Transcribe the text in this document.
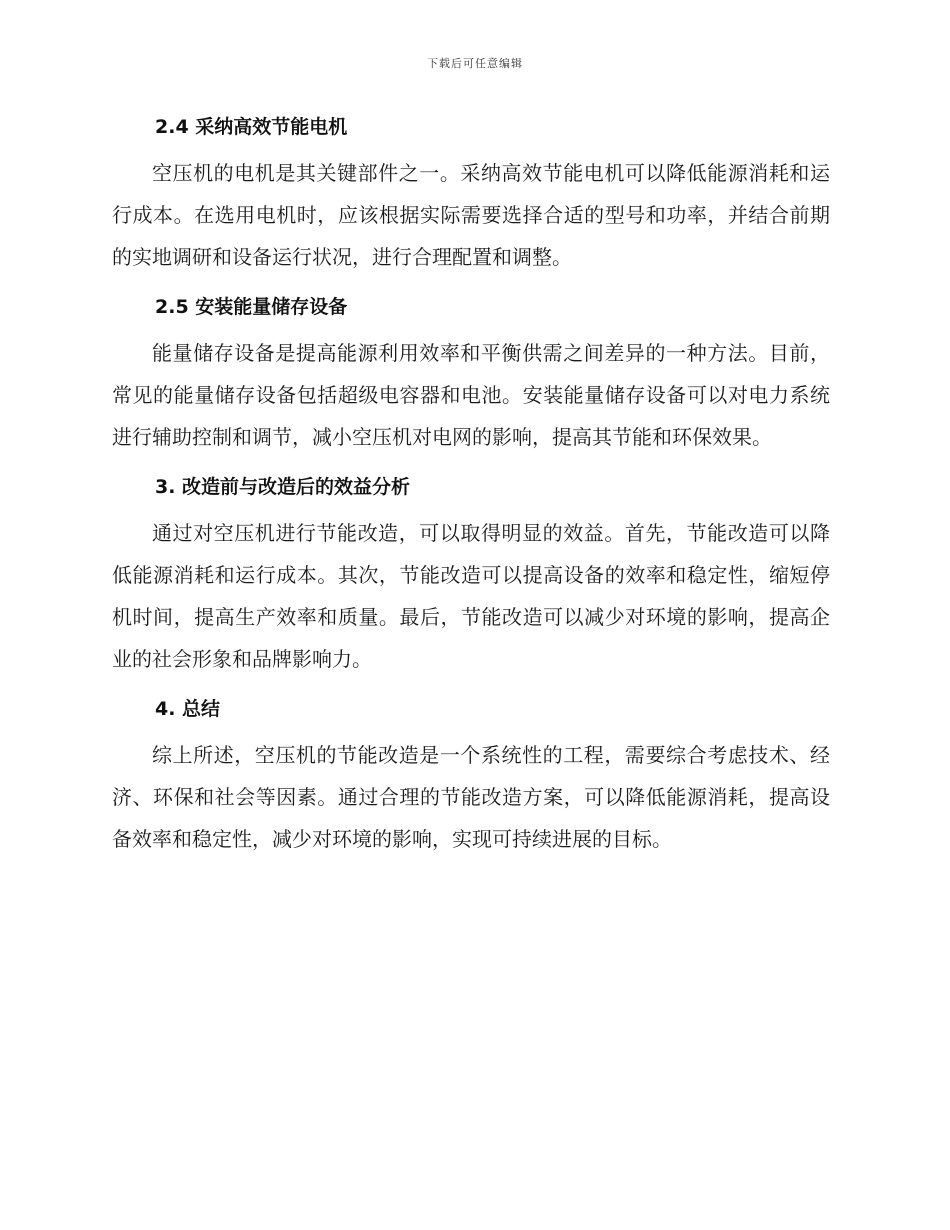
下载后可任意编辑
2.4 采纳高效节能电机

空压机的电机是其关键部件之一。采纳高效节能电机可以降低能源消耗和运行成本。在选用电机时，应该根据实际需要选择合适的型号和功率，并结合前期的实地调研和设备运行状况，进行合理配置和调整。

2.5 安装能量储存设备

能量储存设备是提高能源利用效率和平衡供需之间差异的一种方法。目前，常见的能量储存设备包括超级电容器和电池。安装能量储存设备可以对电力系统进行辅助控制和调节，减小空压机对电网的影响，提高其节能和环保效果。

3. 改造前与改造后的效益分析

通过对空压机进行节能改造，可以取得明显的效益。首先，节能改造可以降低能源消耗和运行成本。其次，节能改造可以提高设备的效率和稳定性，缩短停机时间，提高生产效率和质量。最后，节能改造可以减少对环境的影响，提高企业的社会形象和品牌影响力。

4. 总结

综上所述，空压机的节能改造是一个系统性的工程，需要综合考虑技术、经济、环保和社会等因素。通过合理的节能改造方案，可以降低能源消耗，提高设备效率和稳定性，减少对环境的影响，实现可持续进展的目标。
